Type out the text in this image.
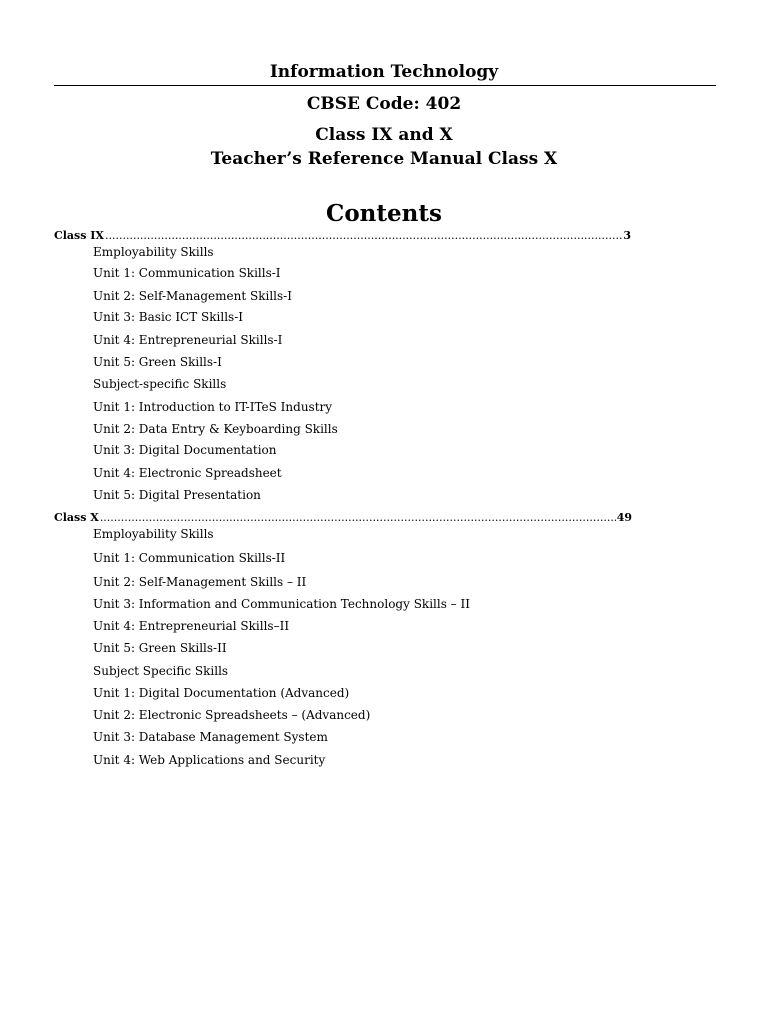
Information Technology
CBSE Code: 402
Class IX and X
Teacher’s Reference Manual Class X
Contents
Class IX .....	3
Employability Skills
Unit 1: Communication Skills-I
Unit 2: Self-Management Skills-I
Unit 3: Basic ICT Skills-I
Unit 4: Entrepreneurial Skills-I
Unit 5: Green Skills-I
Subject-specific Skills
Unit 1: Introduction to IT-ITeS Industry
Unit 2: Data Entry & Keyboarding Skills
Unit 3: Digital Documentation
Unit 4: Electronic Spreadsheet
Unit 5: Digital Presentation
Class X .....	49
Employability Skills
Unit 1: Communication Skills-II
Unit 2: Self-Management Skills – II
Unit 3: Information and Communication Technology Skills – II
Unit 4: Entrepreneurial Skills–II
Unit 5: Green Skills-II
Subject Specific Skills
Unit 1: Digital Documentation (Advanced)
Unit 2: Electronic Spreadsheets – (Advanced)
Unit 3: Database Management System
Unit 4: Web Applications and Security
